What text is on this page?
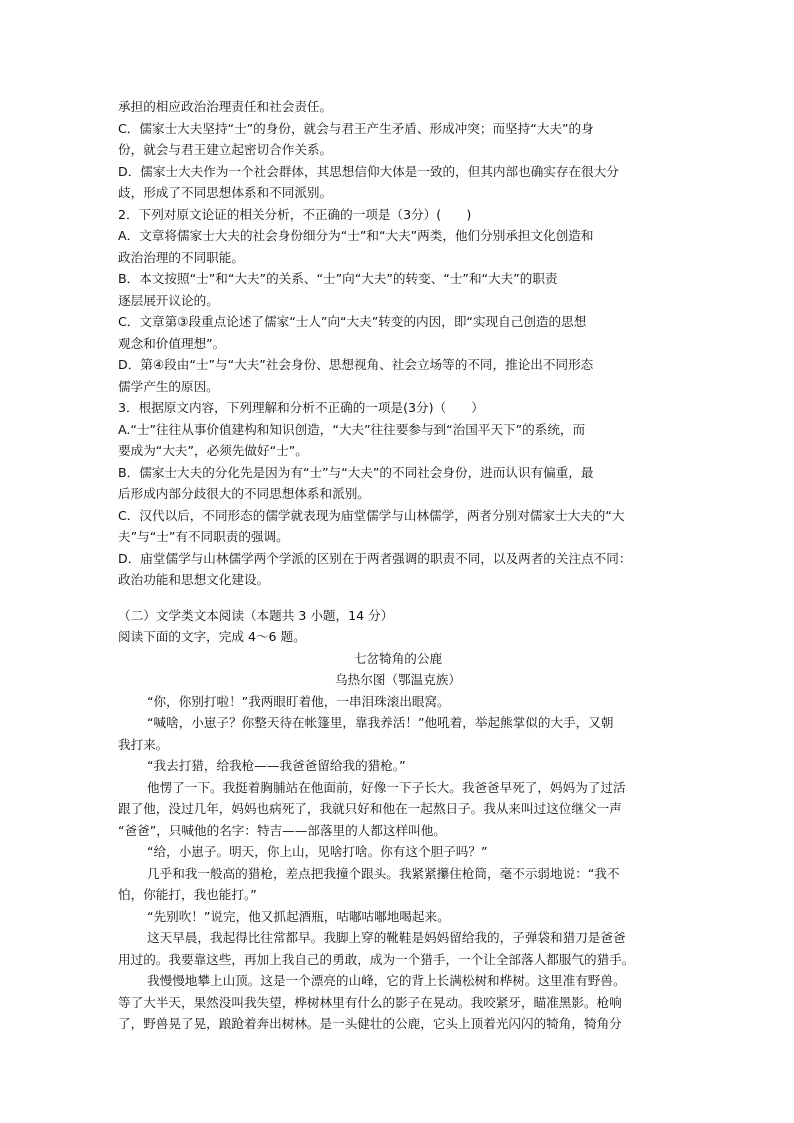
承担的相应政治治理责任和社会责任。
C．儒家士大夫坚持“士”的身份，就会与君王产生矛盾、形成冲突；而坚持“大夫”的身
份，就会与君王建立起密切合作关系。
D．儒家士大夫作为一个社会群体，其思想信仰大体是一致的，但其内部也确实存在很大分
歧，形成了不同思想体系和不同派别。
2．下列对原文论证的相关分析，不正确的一项是（3分）(　　)
A．文章将儒家士大夫的社会身份细分为“士”和“大夫”两类，他们分别承担文化创造和
政治治理的不同职能。
B．本文按照“士”和“大夫”的关系、“士”向“大夫”的转变、“士”和“大夫”的职责
逐层展开议论的。
C．文章第③段重点论述了儒家“士人”向“大夫”转变的内因，即“实现自己创造的思想
观念和价值理想”。
D．第④段由“士”与“大夫”社会身份、思想视角、社会立场等的不同，推论出不同形态
儒学产生的原因。
3．根据原文内容，下列理解和分析不正确的一项是(3分)（　　）
A.“士”往往从事价值建构和知识创造，“大夫”往往要参与到“治国平天下”的系统，而
要成为“大夫”，必须先做好“士”。
B．儒家士大夫的分化先是因为有“士”与“大夫”的不同社会身份，进而认识有偏重，最
后形成内部分歧很大的不同思想体系和派别。
C．汉代以后，不同形态的儒学就表现为庙堂儒学与山林儒学，两者分别对儒家士大夫的“大
夫”与“士”有不同职责的强调。
D．庙堂儒学与山林儒学两个学派的区别在于两者强调的职责不同，以及两者的关注点不同：
政治功能和思想文化建设。
（二）文学类文本阅读（本题共 3 小题，14 分）
阅读下面的文字，完成 4～6 题。
七岔犄角的公鹿
乌热尔图（鄂温克族）
“你，你别打啦！”我两眼盯着他，一串泪珠滚出眼窝。
“喊啥，小崽子？你整天待在帐篷里，靠我养活！”他吼着，举起熊掌似的大手，又朝
我打来。
“我去打猎，给我枪——我爸爸留给我的猎枪。”
他愣了一下。我挺着胸脯站在他面前，好像一下子长大。我爸爸早死了，妈妈为了过活
跟了他，没过几年，妈妈也病死了，我就只好和他在一起熬日子。我从来叫过这位继父一声
“爸爸”，只喊他的名字：特吉——部落里的人都这样叫他。
“给，小崽子。明天，你上山，见啥打啥。你有这个胆子吗？”
几乎和我一般高的猎枪，差点把我撞个跟头。我紧紧攥住枪筒，毫不示弱地说：“我不
怕，你能打，我也能打。”
“先别吹！”说完，他又抓起酒瓶，咕嘟咕嘟地喝起来。
这天早晨，我起得比往常都早。我脚上穿的靴鞋是妈妈留给我的，子弹袋和猎刀是爸爸
用过的。我要靠这些，再加上我自己的勇敢，成为一个猎手，一个让全部落人都服气的猎手。
我慢慢地攀上山顶。这是一个漂亮的山峰，它的背上长满松树和桦树。这里准有野兽。
等了大半天，果然没叫我失望，桦树林里有什么的影子在晃动。我咬紧牙，瞄准黑影。枪响
了，野兽晃了晃，踉跄着奔出树林。是一头健壮的公鹿，它头上顶着光闪闪的犄角，犄角分
